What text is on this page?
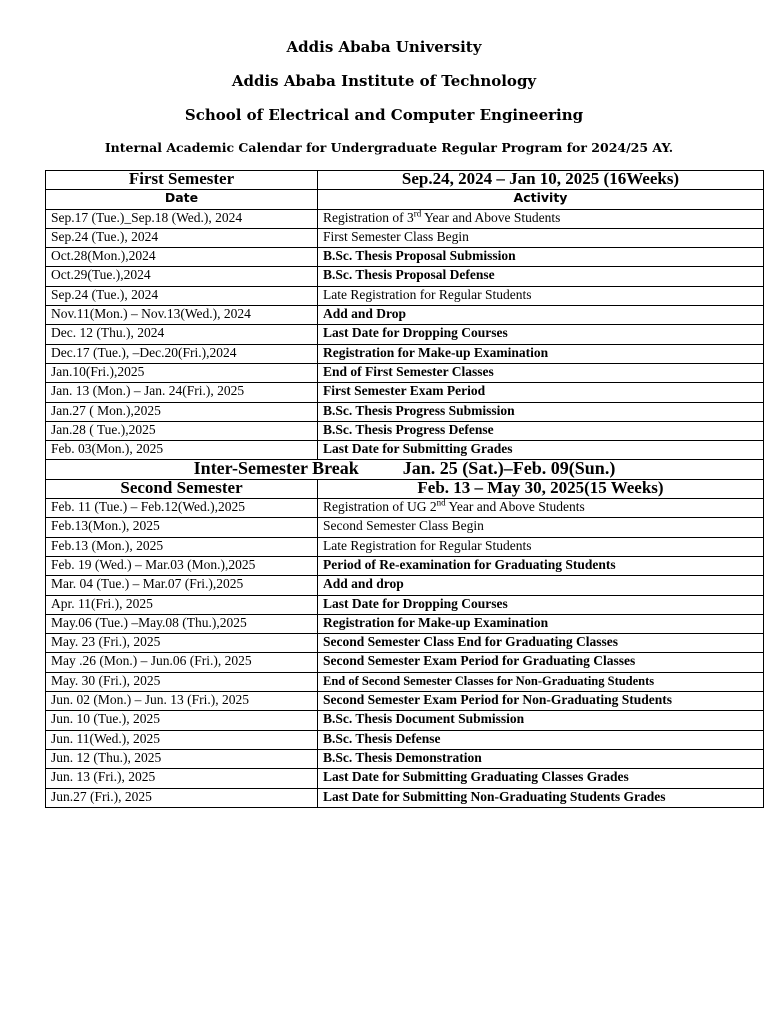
Addis Ababa University
Addis Ababa Institute of Technology
School of Electrical and Computer Engineering
Internal Academic Calendar for Undergraduate Regular Program for 2024/25 AY.
First Semester	Sep.24, 2024 – Jan 10, 2025 (16Weeks)
Date	Activity
Sep.17 (Tue.)_Sep.18 (Wed.), 2024	Registration of 3rd Year and Above Students
Sep.24 (Tue.), 2024	First Semester Class Begin
Oct.28(Mon.),2024	B.Sc. Thesis Proposal Submission
Oct.29(Tue.),2024	B.Sc. Thesis Proposal Defense
Sep.24 (Tue.), 2024	Late Registration for Regular Students
Nov.11(Mon.) – Nov.13(Wed.), 2024	Add and Drop
Dec. 12 (Thu.), 2024	Last Date for Dropping Courses
Dec.17 (Tue.), –Dec.20(Fri.),2024	Registration for Make-up Examination
Jan.10(Fri.),2025	End of First Semester Classes
Jan. 13 (Mon.) – Jan. 24(Fri.), 2025	First Semester Exam Period
Jan.27 ( Mon.),2025	B.Sc. Thesis Progress Submission
Jan.28 ( Tue.),2025	B.Sc. Thesis Progress Defense
Feb. 03(Mon.), 2025	Last Date for Submitting Grades
Inter-Semester Break Jan. 25 (Sat.)–Feb. 09(Sun.)	
Second Semester	Feb. 13 – May 30, 2025(15 Weeks)
Feb. 11 (Tue.) – Feb.12(Wed.),2025	Registration of UG 2nd Year and Above Students
Feb.13(Mon.), 2025	Second Semester Class Begin
Feb.13 (Mon.), 2025	Late Registration for Regular Students
Feb. 19 (Wed.) – Mar.03 (Mon.),2025	Period of Re-examination for Graduating Students
Mar. 04 (Tue.) – Mar.07 (Fri.),2025	Add and drop
Apr. 11(Fri.), 2025	Last Date for Dropping Courses
May.06 (Tue.) –May.08 (Thu.),2025	Registration for Make-up Examination
May. 23 (Fri.), 2025	Second Semester Class End for Graduating Classes
May .26 (Mon.) – Jun.06 (Fri.), 2025	Second Semester Exam Period for Graduating Classes
May. 30 (Fri.), 2025	End of Second Semester Classes for Non-Graduating Students
Jun. 02 (Mon.) – Jun. 13 (Fri.), 2025	Second Semester Exam Period for Non-Graduating Students
Jun. 10 (Tue.), 2025	B.Sc. Thesis Document Submission
Jun. 11(Wed.), 2025	B.Sc. Thesis Defense
Jun. 12 (Thu.), 2025	B.Sc. Thesis Demonstration
Jun. 13 (Fri.), 2025	Last Date for Submitting Graduating Classes Grades
Jun.27 (Fri.), 2025	Last Date for Submitting Non-Graduating Students Grades
